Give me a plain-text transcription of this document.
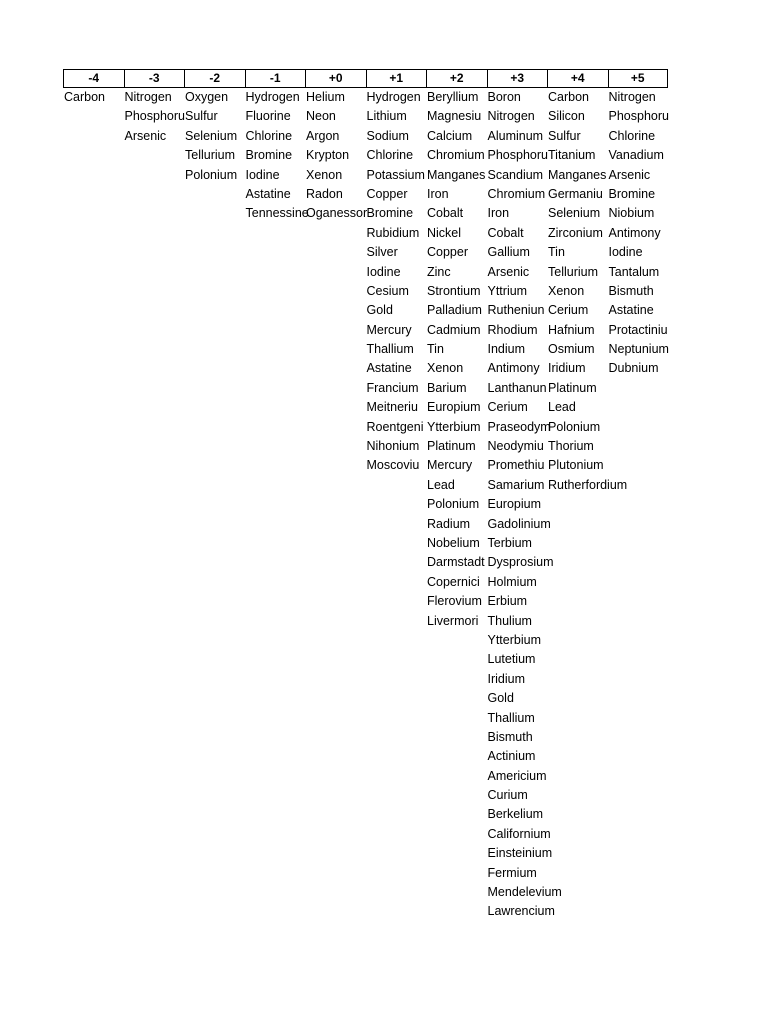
-4
Carbon
-3
Nitrogen
Phosphoru
Arsenic
-2
Oxygen
Sulfur
Selenium
Tellurium
Polonium
-1
Hydrogen
Fluorine
Chlorine
Bromine
Iodine
Astatine
Tennessine
+0
Helium
Neon
Argon
Krypton
Xenon
Radon
Oganessor
+1
Hydrogen
Lithium
Sodium
Chlorine
Potassium
Copper
Bromine
Rubidium
Silver
Iodine
Cesium
Gold
Mercury
Thallium
Astatine
Francium
Meitneriu
Roentgeni
Nihonium
Moscoviu
+2
Beryllium
Magnesiu
Calcium
Chromium
Manganes
Iron
Cobalt
Nickel
Copper
Zinc
Strontium
Palladium
Cadmium
Tin
Xenon
Barium
Europium
Ytterbium
Platinum
Mercury
Lead
Polonium
Radium
Nobelium
Darmstadt
Copernici
Flerovium
Livermori
+3
Boron
Nitrogen
Aluminum
Phosphoru
Scandium
Chromium
Iron
Cobalt
Gallium
Arsenic
Yttrium
Rutheniun
Rhodium
Indium
Antimony
Lanthanun
Cerium
Praseodym
Neodymiu
Promethiu
Samarium
Europium
Gadolinium
Terbium
Dysprosium
Holmium
Erbium
Thulium
Ytterbium
Lutetium
Iridium
Gold
Thallium
Bismuth
Actinium
Americium
Curium
Berkelium
Californium
Einsteinium
Fermium
Mendelevium
Lawrencium
+4
Carbon
Silicon
Sulfur
Titanium
Manganes
Germaniu
Selenium
Zirconium
Tin
Tellurium
Xenon
Cerium
Hafnium
Osmium
Iridium
Platinum
Lead
Polonium
Thorium
Plutonium
Rutherfordium
+5
Nitrogen
Phosphoru
Chlorine
Vanadium
Arsenic
Bromine
Niobium
Antimony
Iodine
Tantalum
Bismuth
Astatine
Protactiniu
Neptunium
Dubnium
